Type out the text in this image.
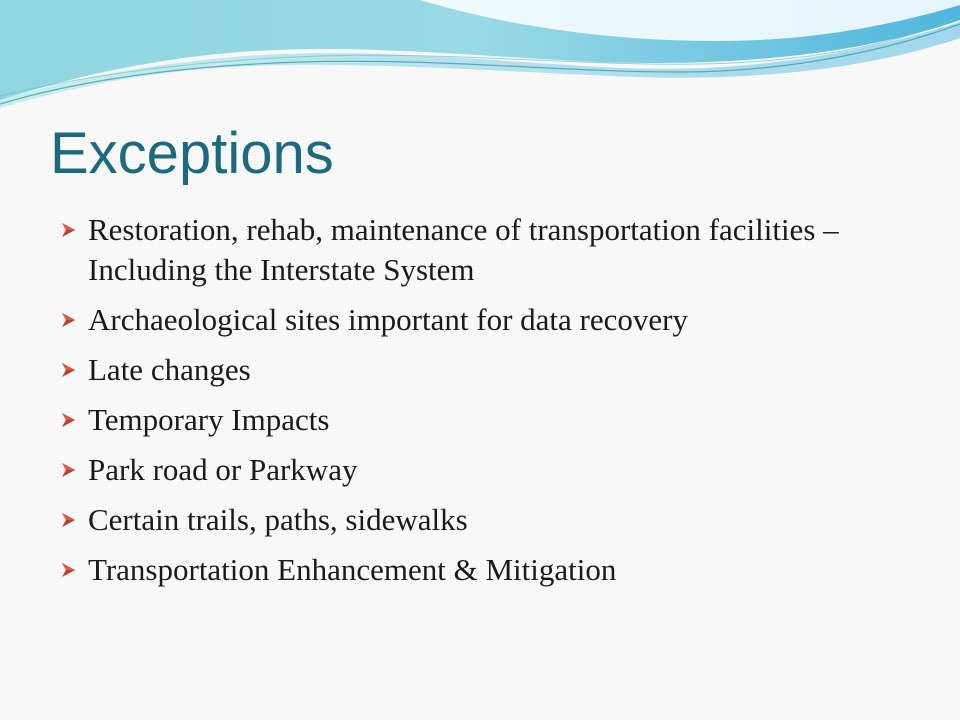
Exceptions
Restoration, rehab, maintenance of transportation facilities – Including the Interstate System
Archaeological sites important for data recovery
Late changes
Temporary Impacts
Park road or Parkway
Certain trails, paths, sidewalks
Transportation Enhancement & Mitigation
